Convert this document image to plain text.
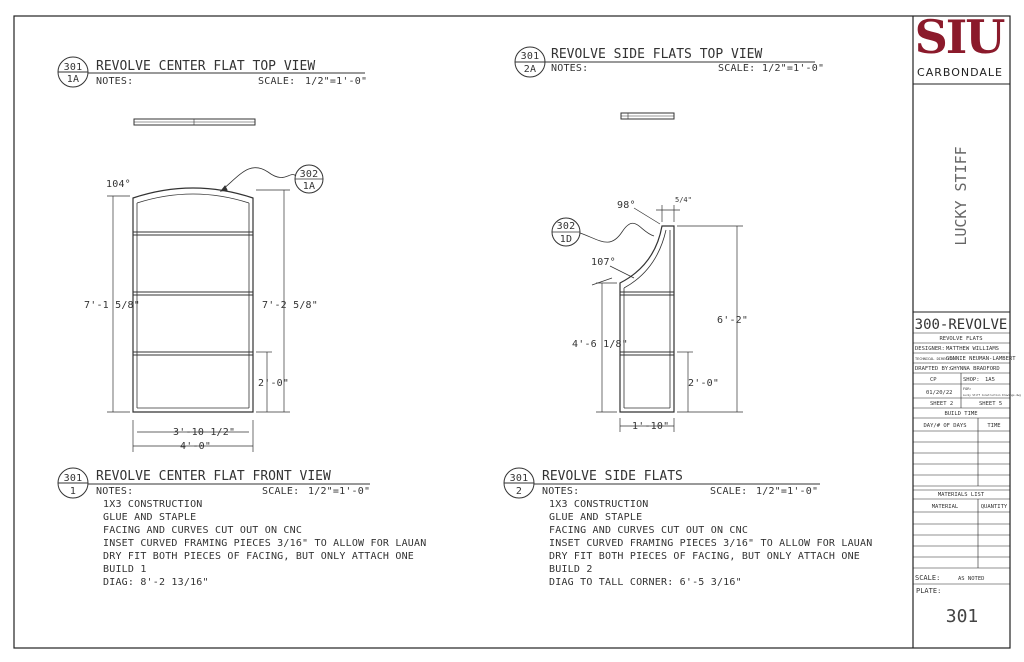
301
1A
REVOLVE CENTER FLAT TOP VIEW
NOTES:	SCALE: 1/2"=1'-0"
301
2A
REVOLVE SIDE FLATS TOP VIEW
NOTES:	SCALE: 1/2"=1'-0"
104°
302
1A
7'-1 5/8"	7'-2 5/8"
2'-0"
3'-10 1/2"
4'-0"
98°
107°
5/4"
302
1D
4'-6 1/8"
6'-2"
2'-0"
1'-10"
301
1
REVOLVE CENTER FLAT FRONT VIEW
NOTES:	SCALE: 1/2"=1'-0"
1X3 CONSTRUCTION
GLUE AND STAPLE
FACING AND CURVES CUT OUT ON CNC
INSET CURVED FRAMING PIECES 3/16" TO ALLOW FOR LAUAN
DRY FIT BOTH PIECES OF FACING, BUT ONLY ATTACH ONE
BUILD 1
DIAG: 8'-2 13/16"
301
2
REVOLVE SIDE FLATS
NOTES:	SCALE: 1/2"=1'-0"
1X3 CONSTRUCTION
GLUE AND STAPLE
FACING AND CURVES CUT OUT ON CNC
INSET CURVED FRAMING PIECES 3/16" TO ALLOW FOR LAUAN
DRY FIT BOTH PIECES OF FACING, BUT ONLY ATTACH ONE
BUILD 2
DIAG TO TALL CORNER: 6'-5 3/16"
SIU
CARBONDALE
LUCKY STIFF
300-REVOLVE
REVOLVE FLATS
DESIGNER: MATTHEW WILLIAMS
TECHNICAL DIRECTOR:
GENNIE NEUMAN-LAMBERT
DRAFTED BY:
GHYNNA BRADFORD
CP	SHOP: 1A5
01/20/22
FOR:
Lucky Stiff Construction Drawings.dwg
SHEET 2	SHEET 5
BUILD TIME
DAY/# OF DAYS	TIME
MATERIALS LIST
MATERIAL	QUANTITY
SCALE:	AS NOTED
PLATE:
301
